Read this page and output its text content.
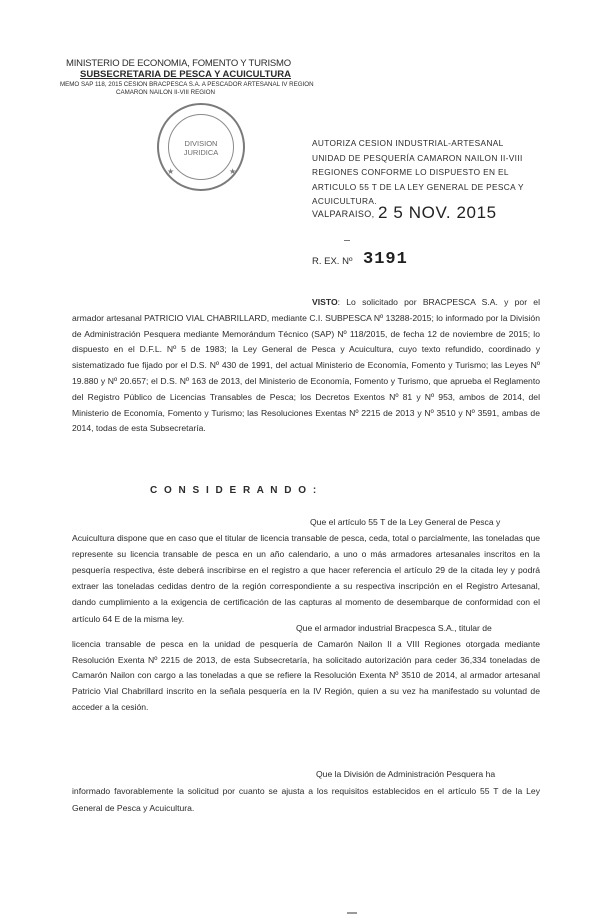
MINISTERIO DE ECONOMIA, FOMENTO Y TURISMO
SUBSECRETARIA DE PESCA Y ACUICULTURA
MEMO SAP 118, 2015 CESION BRACPESCA S.A. A PESCADOR ARTESANAL IV REGION
CAMARON NAILON II-VIII REGION
★	★
DIVISION
JURIDICA
AUTORIZA CESION INDUSTRIAL-ARTESANAL UNIDAD DE PESQUERÍA CAMARON NAILON II-VIII REGIONES CONFORME LO DISPUESTO EN EL ARTICULO 55 T DE LA LEY GENERAL DE PESCA Y ACUICULTURA.
VALPARAISO, 2 5 NOV. 2015
R. EX. Nº 3191
VISTO: Lo solicitado por BRACPESCA S.A. y por el armador artesanal PATRICIO VIAL CHABRILLARD, mediante C.I. SUBPESCA Nº 13288-2015; lo informado por la División de Administración Pesquera mediante Memorándum Técnico (SAP) Nº 118/2015, de fecha 12 de noviembre de 2015; lo dispuesto en el D.F.L. Nº 5 de 1983; la Ley General de Pesca y Acuicultura, cuyo texto refundido, coordinado y sistematizado fue fijado por el D.S. Nº 430 de 1991, del actual Ministerio de Economía, Fomento y Turismo; las Leyes Nº 19.880 y Nº 20.657; el D.S. Nº 163 de 2013, del Ministerio de Economía, Fomento y Turismo, que aprueba el Reglamento del Registro Público de Licencias Transables de Pesca; los Decretos Exentos Nº 81 y Nº 953, ambos de 2014, del Ministerio de Economía, Fomento y Turismo; las Resoluciones Exentas Nº 2215 de 2013 y Nº 3510 y Nº 3591, ambas de 2014, todas de esta Subsecretaría.
C O N S I D E R A N D O :
Que el artículo 55 T de la Ley General de Pesca y
Acuicultura dispone que en caso que el titular de licencia transable de pesca, ceda, total o parcialmente, las toneladas que represente su licencia transable de pesca en un año calendario, a uno o más armadores artesanales inscritos en la pesquería respectiva, éste deberá inscribirse en el registro a que hacer referencia el artículo 29 de la citada ley y podrá extraer las toneladas cedidas dentro de la región correspondiente a su respectiva inscripción en el Registro Artesanal, dando cumplimiento a la exigencia de certificación de las capturas al momento de desembarque de conformidad con el artículo 64 E de la misma ley.
Que el armador industrial Bracpesca S.A., titular de
licencia transable de pesca en la unidad de pesquería de Camarón Nailon II a VIII Regiones otorgada mediante Resolución Exenta Nº 2215 de 2013, de esta Subsecretaría, ha solicitado autorización para ceder 36,334 toneladas de Camarón Nailon con cargo a las toneladas a que se refiere la Resolución Exenta Nº 3510 de 2014, al armador artesanal Patricio Vial Chabrillard inscrito en la señala pesquería en la IV Región, quien a su vez ha manifestado su voluntad de acceder a la cesión.
Que la División de Administración Pesquera ha
informado favorablemente la solicitud por cuanto se ajusta a los requisitos establecidos en el artículo 55 T de la Ley General de Pesca y Acuicultura.
